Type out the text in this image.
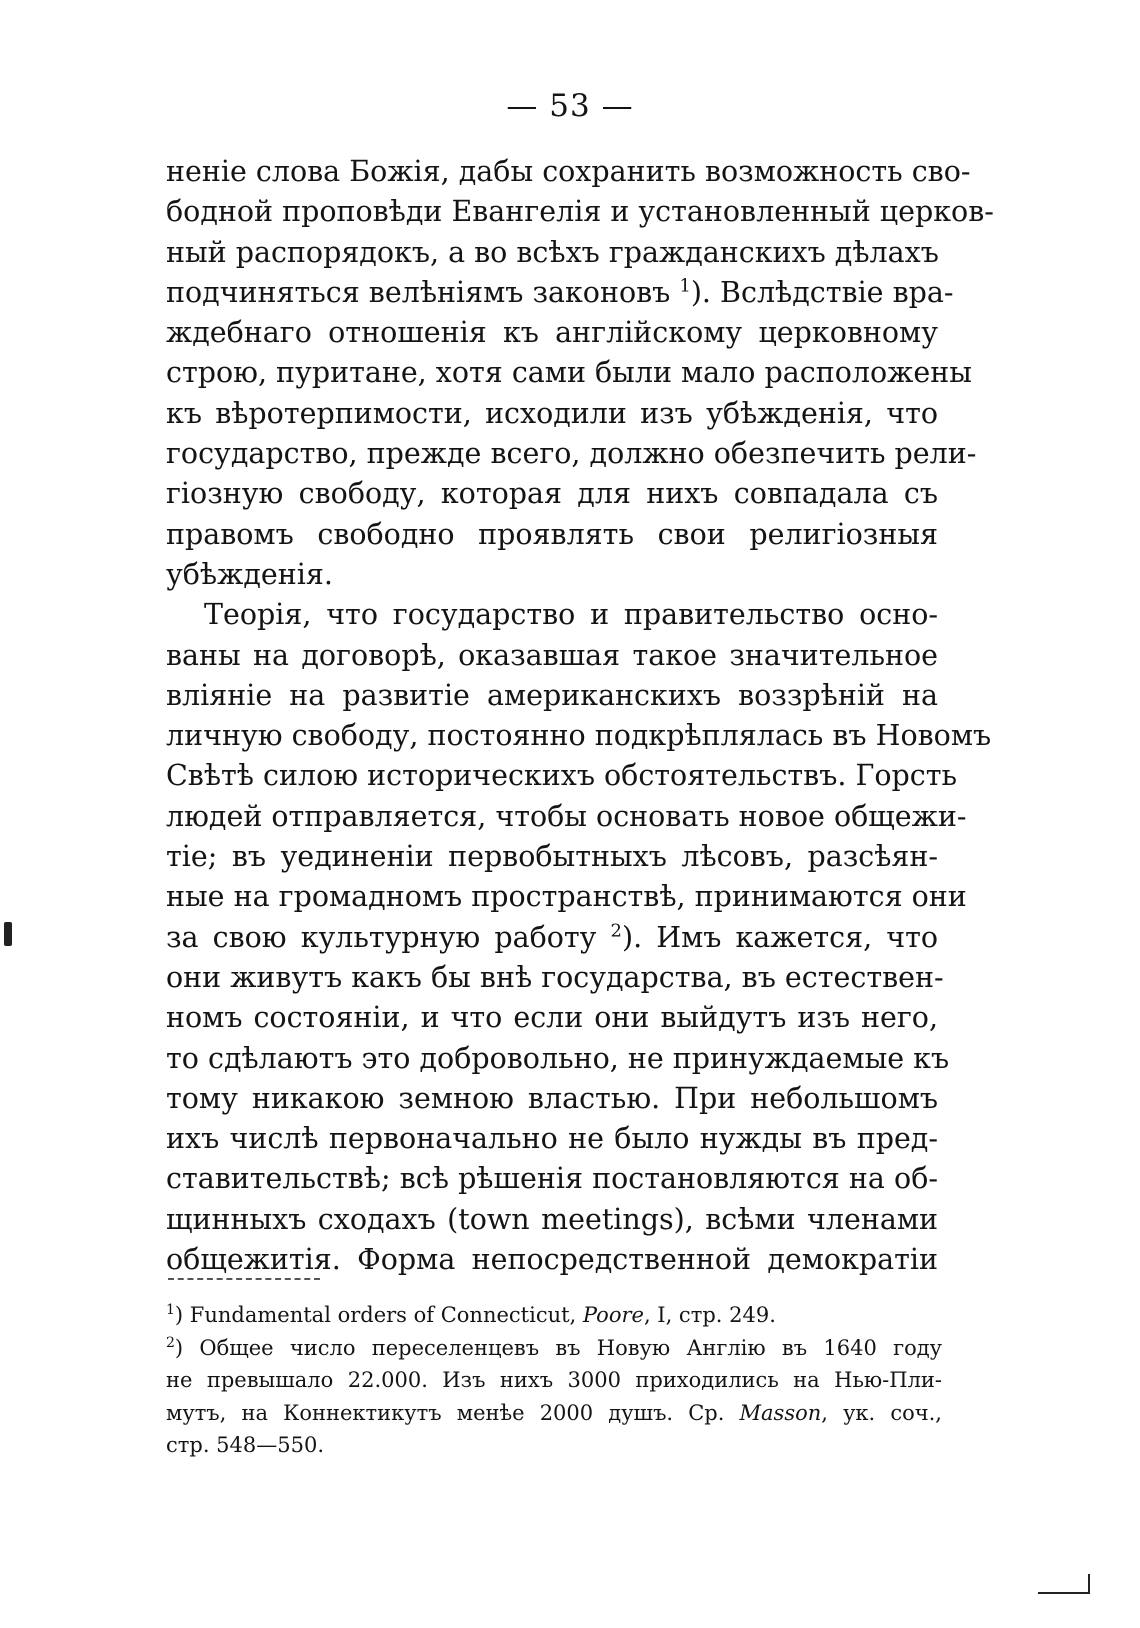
— 53 —
неніе слова Божія, дабы сохранить возможность сво-
бодной проповѣди Евангелія и установленный церков-
ный распорядокъ, а во всѣхъ гражданскихъ дѣлахъ
подчиняться велѣніямъ законовъ $^1$). Вслѣдствіе вра-
ждебнаго отношенія къ англійскому церковному
строю, пуритане, хотя сами были мало расположены
къ вѣротерпимости, исходили изъ убѣжденія, что
государство, прежде всего, должно обезпечить рели-
гіозную свободу, которая для нихъ совпадала съ
правомъ свободно проявлять свои религіозныя
убѣжденія.
Теорія, что государство и правительство осно-
ваны на договорѣ, оказавшая такое значительное
вліяніе на развитіе американскихъ воззрѣній на
личную свободу, постоянно подкрѣплялась въ Новомъ
Свѣтѣ силою историческихъ обстоятельствъ. Горсть
людей отправляется, чтобы основать новое общежи-
тіе; въ уединеніи первобытныхъ лѣсовъ, разсѣян-
ные на громадномъ пространствѣ, принимаются они
за свою культурную работу $^2$). Имъ кажется, что
они живутъ какъ бы внѣ государства, въ естествен-
номъ состояніи, и что если они выйдутъ изъ него,
то сдѣлаютъ это добровольно, не принуждаемые къ
тому никакою земною властью. При небольшомъ
ихъ числѣ первоначально не было нужды въ пред-
ставительствѣ; всѣ рѣшенія постановляются на об-
щинныхъ сходахъ (town meetings), всѣми членами
общежитія. Форма непосредственной демократіи
$^1$) Fundamental orders of Connecticut, Poore, I, стр. 249.
$^2$) Общее число переселенцевъ въ Новую Англію въ 1640 году
не превышало 22.000. Изъ нихъ 3000 приходились на Нью-Пли-
мутъ, на Коннектикутъ менѣе 2000 душъ. Ср. Masson, ук. соч.,
стр. 548—550.
